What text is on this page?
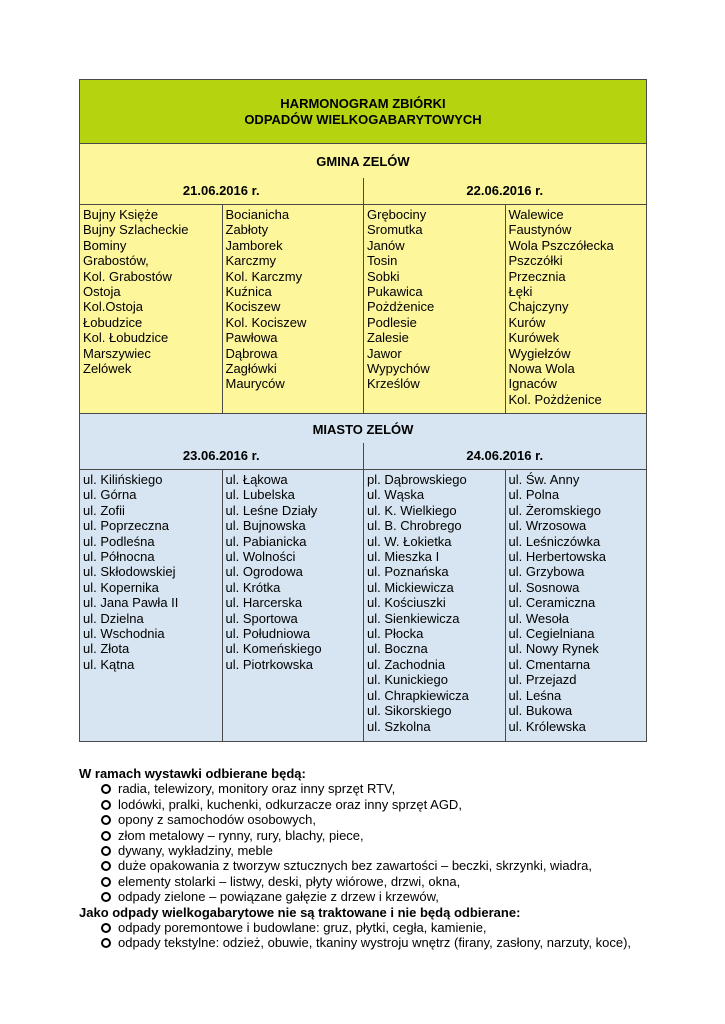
HARMONOGRAM ZBIÓRKI
ODPADÓW WIELKOGABARYTOWYCH
GMINA ZELÓW
21.06.2016 r.	22.06.2016 r.
Bujny Księże
Bujny Szlacheckie
Bominy
Grabostów,
Kol. Grabostów
Ostoja
Kol.Ostoja
Łobudzice
Kol. Łobudzice
Marszywiec
Zelówek
Bocianicha
Zabłoty
Jamborek
Karczmy
Kol. Karczmy
Kuźnica
Kociszew
Kol. Kociszew
Pawłowa
Dąbrowa
Zagłówki
Mauryców
Grębociny
Sromutka
Janów
Tosin
Sobki
Pukawica
Pożdżenice
Podlesie
Zalesie
Jawor
Wypychów
Krześlów
Walewice
Faustynów
Wola Pszczółecka
Pszczółki
Przecznia
Łęki
Chajczyny
Kurów
Kurówek
Wygiełzów
Nowa Wola
Ignaców
Kol. Pożdżenice
MIASTO ZELÓW
23.06.2016 r.	24.06.2016 r.
ul. Kilińskiego
ul. Górna
ul. Zofii
ul. Poprzeczna
ul. Podleśna
ul. Północna
ul. Skłodowskiej
ul. Kopernika
ul. Jana Pawła II
ul. Dzielna
ul. Wschodnia
ul. Złota
ul. Kątna
ul. Łąkowa
ul. Lubelska
ul. Leśne Działy
ul. Bujnowska
ul. Pabianicka
ul. Wolności
ul. Ogrodowa
ul. Krótka
ul. Harcerska
ul. Sportowa
ul. Południowa
ul. Komeńskiego
ul. Piotrkowska
pl. Dąbrowskiego
ul. Wąska
ul. K. Wielkiego
ul. B. Chrobrego
ul. W. Łokietka
ul. Mieszka I
ul. Poznańska
ul. Mickiewicza
ul. Kościuszki
ul. Sienkiewicza
ul. Płocka
ul. Boczna
ul. Zachodnia
ul. Kunickiego
ul. Chrapkiewicza
ul. Sikorskiego
ul. Szkolna
ul. Św. Anny
ul. Polna
ul. Żeromskiego
ul. Wrzosowa
ul. Leśniczówka
ul. Herbertowska
ul. Grzybowa
ul. Sosnowa
ul. Ceramiczna
ul. Wesoła
ul. Cegielniana
ul. Nowy Rynek
ul. Cmentarna
ul. Przejazd
ul. Leśna
ul. Bukowa
ul. Królewska
W ramach wystawki odbierane będą:
radia, telewizory, monitory oraz inny sprzęt RTV,
lodówki, pralki, kuchenki, odkurzacze oraz inny sprzęt AGD,
opony z samochodów osobowych,
złom metalowy – rynny, rury, blachy, piece,
dywany, wykładziny, meble
duże opakowania z tworzyw sztucznych bez zawartości – beczki, skrzynki, wiadra,
elementy stolarki – listwy, deski, płyty wiórowe, drzwi, okna,
odpady zielone – powiązane gałęzie z drzew i krzewów,
Jako odpady wielkogabarytowe nie są traktowane i nie będą odbierane:
odpady poremontowe i budowlane: gruz, płytki, cegła, kamienie,
odpady tekstylne: odzież, obuwie, tkaniny wystroju wnętrz (firany, zasłony, narzuty, koce),
